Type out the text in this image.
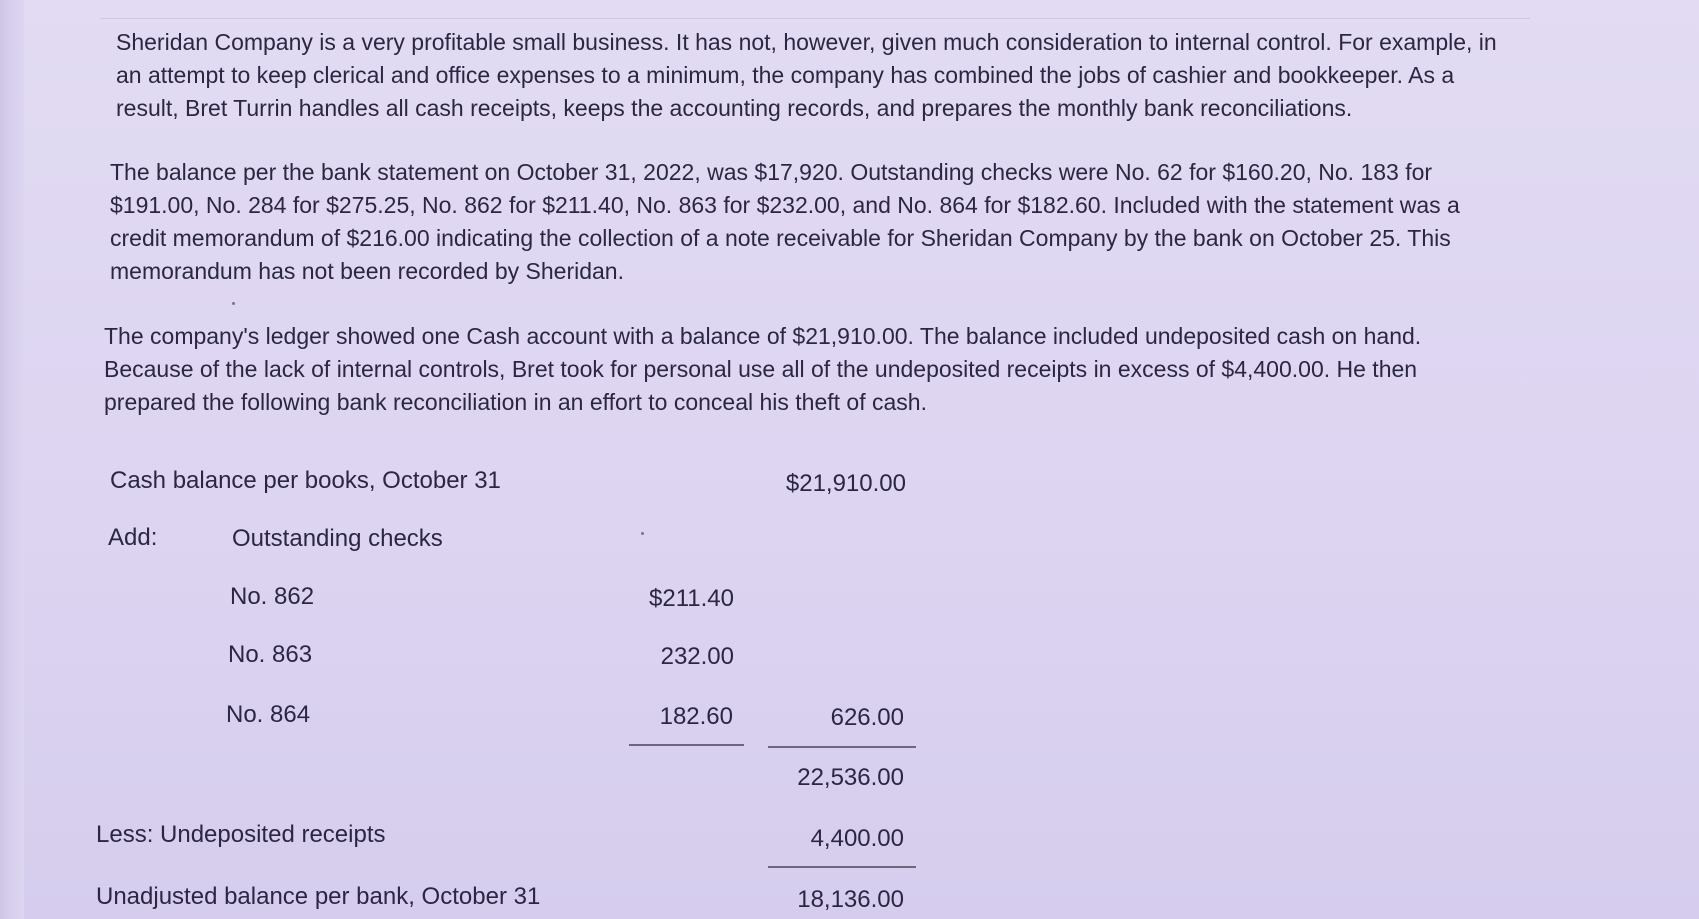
Sheridan Company is a very profitable small business. It has not, however, given much consideration to internal control. For example, in an attempt to keep clerical and office expenses to a minimum, the company has combined the jobs of cashier and bookkeeper. As a result, Bret Turrin handles all cash receipts, keeps the accounting records, and prepares the monthly bank reconciliations.

The balance per the bank statement on October 31, 2022, was $17,920. Outstanding checks were No. 62 for $160.20, No. 183 for $191.00, No. 284 for $275.25, No. 862 for $211.40, No. 863 for $232.00, and No. 864 for $182.60. Included with the statement was a credit memorandum of $216.00 indicating the collection of a note receivable for Sheridan Company by the bank on October 25. This memorandum has not been recorded by Sheridan.

The company's ledger showed one Cash account with a balance of $21,910.00. The balance included undeposited cash on hand. Because of the lack of internal controls, Bret took for personal use all of the undeposited receipts in excess of $4,400.00. He then prepared the following bank reconciliation in an effort to conceal his theft of cash.

Cash balance per books, October 31	$21,910.00
Add:	Outstanding checks
No. 862	$211.40
No. 863	232.00
No. 864	182.60	626.00
22,536.00
Less: Undeposited receipts	4,400.00
Unadjusted balance per bank, October 31	18,136.00
